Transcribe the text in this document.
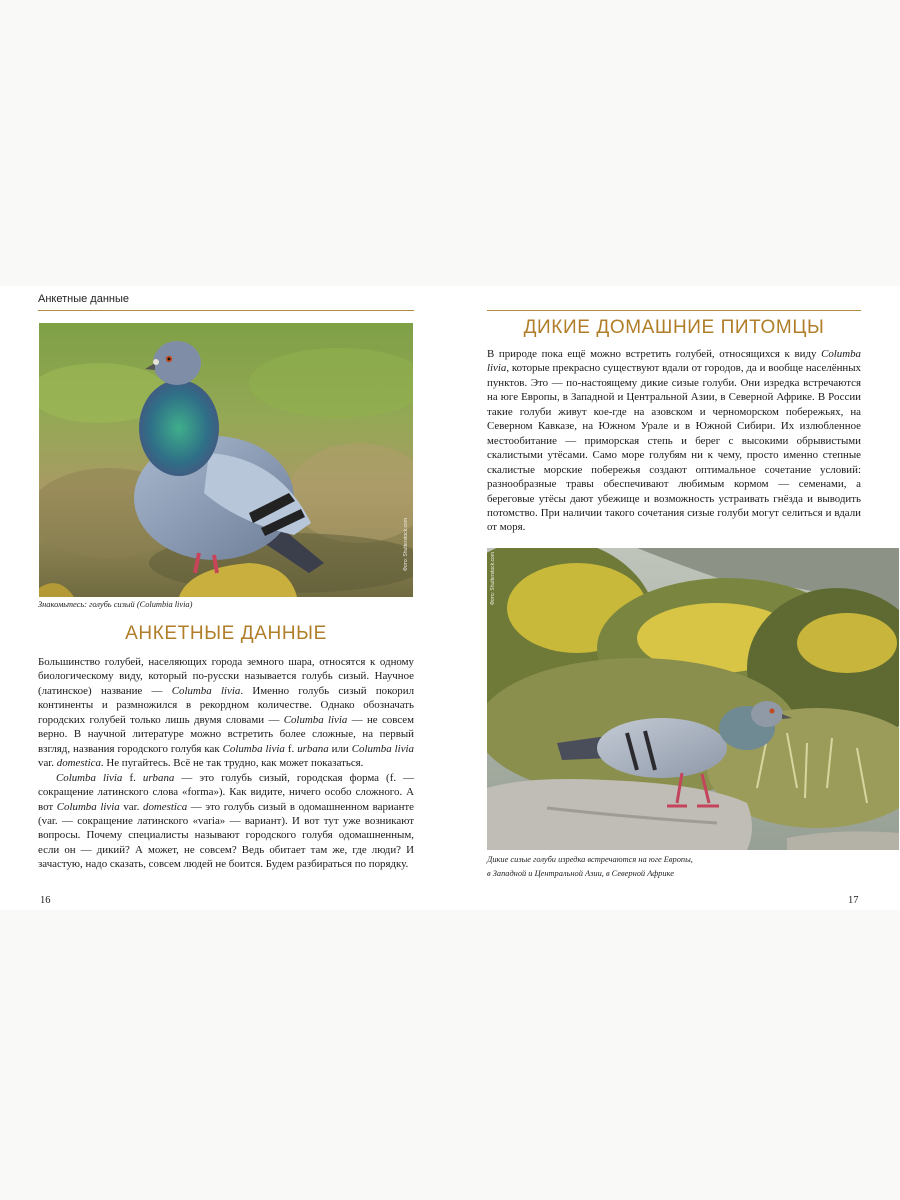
Анкетные данные
Фото: Shutterstock.com
Знакомьтесь: голубь сизый (Columbia livia)
АНКЕТНЫЕ ДАННЫЕ

Большинство голубей, населяющих города земного шара, относятся к одному биологическому виду, который по-русски называется голубь сизый. Научное (латинское) название — Columba livia. Именно голубь сизый покорил континенты и размножился в рекордном количестве. Однако обозначать городских голубей только лишь двумя словами — Columba livia — не совсем верно. В научной литературе можно встретить более сложные, на первый взгляд, названия городского голубя как Columba livia f. urbana или Columba livia var. domestica. Не пугайтесь. Всё не так трудно, как может показаться.

Columba livia f. urbana — это голубь сизый, городская форма (f. — сокращение латинского слова «forma»). Как видите, ничего особо сложного. А вот Columba livia var. domestica — это голубь сизый в одомашненном варианте (var. — сокращение латинского «varia» — вариант). И вот тут уже возникают вопросы. Почему специалисты называют городского голубя одомашненным, если он — дикий? А может, не совсем? Ведь обитает там же, где люди? И зачастую, надо сказать, совсем людей не боится. Будем разбираться по порядку.

16
ДИКИЕ ДОМАШНИЕ ПИТОМЦЫ

В природе пока ещё можно встретить голубей, относящихся к виду Columba livia, которые прекрасно существуют вдали от городов, да и вообще населённых пунктов. Это — по-настоящему дикие сизые голуби. Они изредка встречаются на юге Европы, в Западной и Центральной Азии, в Северной Африке. В России такие голуби живут кое-где на азовском и черноморском побережьях, на Северном Кавказе, на Южном Урале и в Южной Сибири. Их излюбленное местообитание — приморская степь и берег с высокими обрывистыми скалистыми утёсами. Само море голубям ни к чему, просто именно степные скалистые морские побережья создают оптимальное сочетание условий: разнообразные травы обеспечивают любимым кормом — семенами, а береговые утёсы дают убежище и возможность устраивать гнёзда и выводить потомство. При наличии такого сочетания сизые голуби могут селиться и вдали от моря.

Фото: Shutterstock.com
Дикие сизые голуби изредка встречаются на юге Европы,
в Западной и Центральной Азии, в Северной Африке
17
